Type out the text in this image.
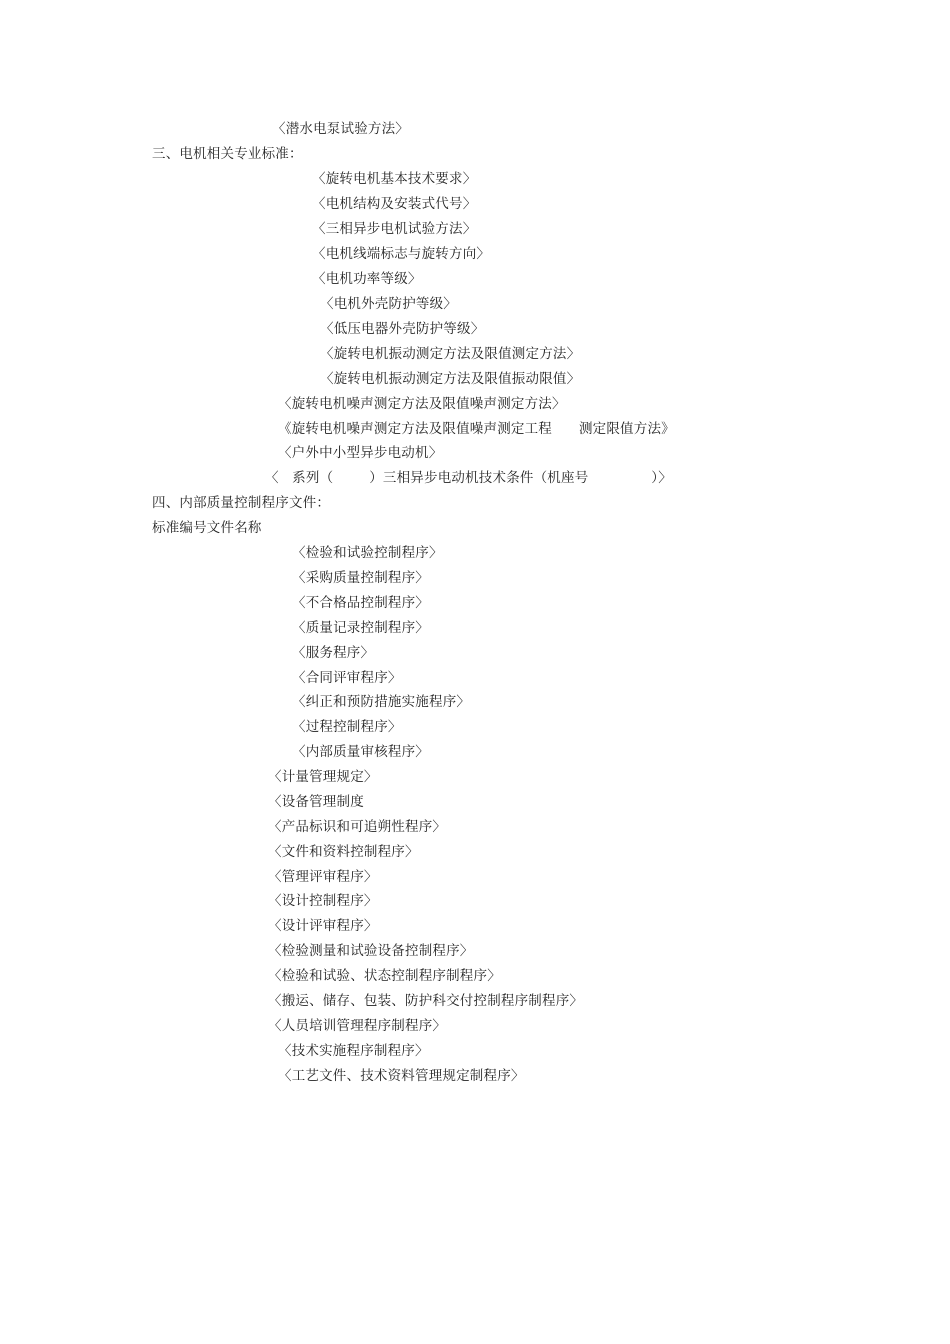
〈潜水电泵试验方法〉
三、电机相关专业标准：
〈旋转电机基本技术要求〉
〈电机结构及安装式代号〉
〈三相异步电机试验方法〉
〈电机线端标志与旋转方向〉
〈电机功率等级〉
〈电机外壳防护等级〉
〈低压电器外壳防护等级〉
〈旋转电机振动测定方法及限值测定方法〉
〈旋转电机振动测定方法及限值振动限值〉
〈旋转电机噪声测定方法及限值噪声测定方法〉
《旋转电机噪声测定方法及限值噪声测定工程      测定限值方法》
〈户外中小型异步电动机〉
〈   系列（        ）三相异步电动机技术条件（机座号              ）〉
四、内部质量控制程序文件：
标准编号文件名称
〈检验和试验控制程序〉
〈采购质量控制程序〉
〈不合格品控制程序〉
〈质量记录控制程序〉
〈服务程序〉
〈合同评审程序〉
〈纠正和预防措施实施程序〉
〈过程控制程序〉
〈内部质量审核程序〉
〈计量管理规定〉
〈设备管理制度
〈产品标识和可追朔性程序〉
〈文件和资料控制程序〉
〈管理评审程序〉
〈设计控制程序〉
〈设计评审程序〉
〈检验测量和试验设备控制程序〉
〈检验和试验、状态控制程序制程序〉
〈搬运、储存、包装、防护科交付控制程序制程序〉
〈人员培训管理程序制程序〉
〈技术实施程序制程序〉
〈工艺文件、技术资料管理规定制程序〉
